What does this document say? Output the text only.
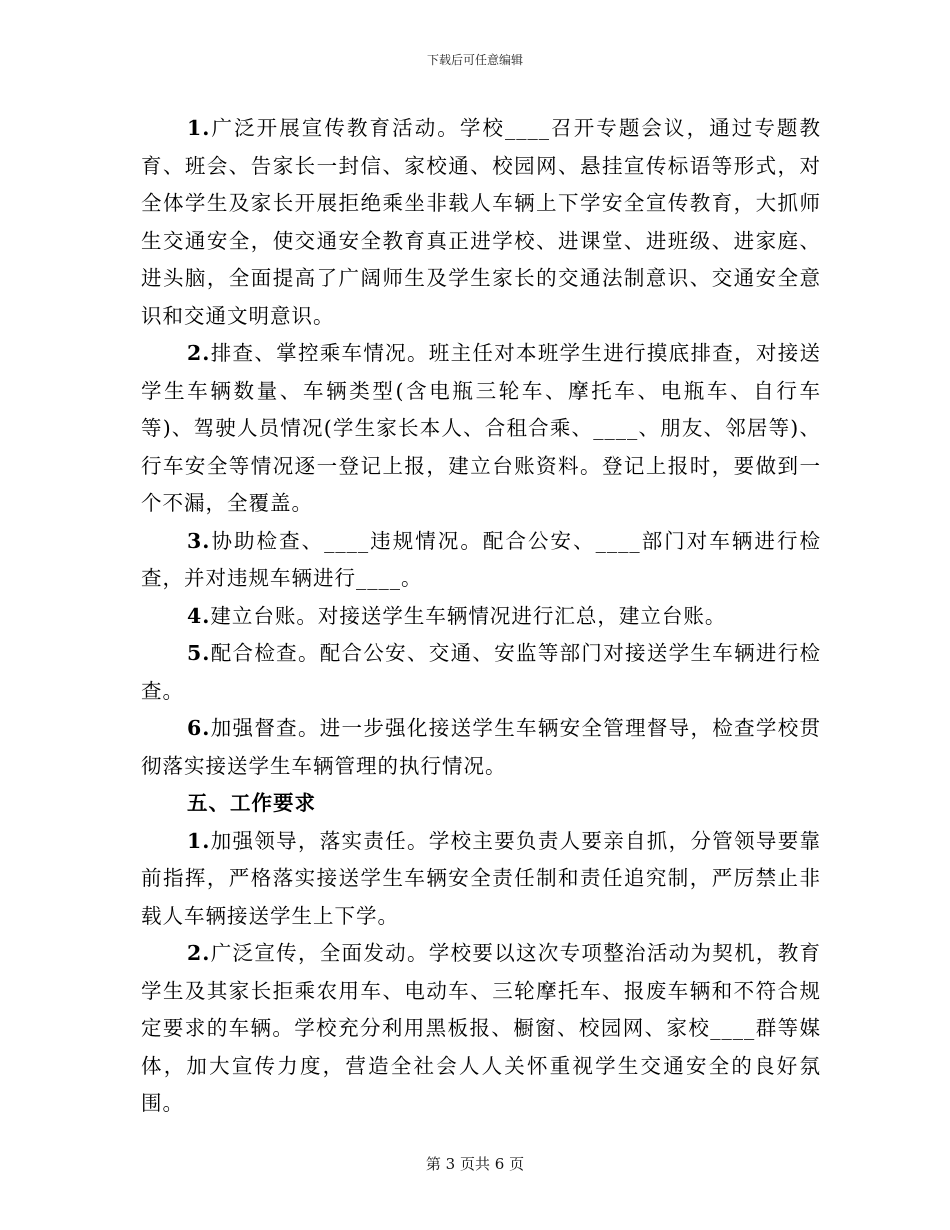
下载后可任意编辑

1.广泛开展宣传教育活动。学校____召开专题会议，通过专题教育、班会、告家长一封信、家校通、校园网、悬挂宣传标语等形式，对全体学生及家长开展拒绝乘坐非载人车辆上下学安全宣传教育，大抓师生交通安全，使交通安全教育真正进学校、进课堂、进班级、进家庭、进头脑，全面提高了广阔师生及学生家长的交通法制意识、交通安全意识和交通文明意识。

2.排查、掌控乘车情况。班主任对本班学生进行摸底排查，对接送学生车辆数量、车辆类型(含电瓶三轮车、摩托车、电瓶车、自行车等)、驾驶人员情况(学生家长本人、合租合乘、____、朋友、邻居等)、行车安全等情况逐一登记上报，建立台账资料。登记上报时，要做到一个不漏，全覆盖。

3.协助检查、____违规情况。配合公安、____部门对车辆进行检查，并对违规车辆进行____。

4.建立台账。对接送学生车辆情况进行汇总，建立台账。

5.配合检查。配合公安、交通、安监等部门对接送学生车辆进行检查。

6.加强督查。进一步强化接送学生车辆安全管理督导，检查学校贯彻落实接送学生车辆管理的执行情况。

五、工作要求

1.加强领导，落实责任。学校主要负责人要亲自抓，分管领导要靠前指挥，严格落实接送学生车辆安全责任制和责任追究制，严厉禁止非载人车辆接送学生上下学。

2.广泛宣传，全面发动。学校要以这次专项整治活动为契机，教育学生及其家长拒乘农用车、电动车、三轮摩托车、报废车辆和不符合规定要求的车辆。学校充分利用黑板报、橱窗、校园网、家校____群等媒体，加大宣传力度，营造全社会人人关怀重视学生交通安全的良好氛围。

第 3 页共 6 页
